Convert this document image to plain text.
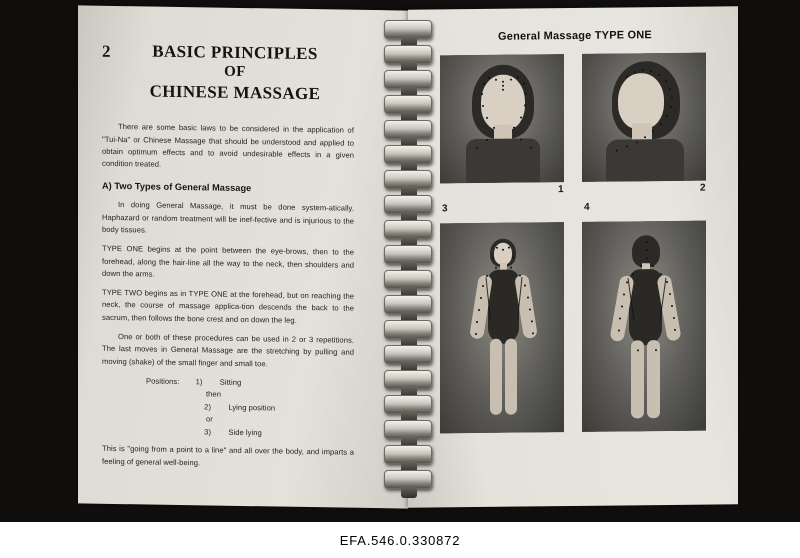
2	BASIC PRINCIPLES
OF
CHINESE MASSAGE

There are some basic laws to be considered in the application of "Tui-Na" or Chinese Massage that should be understood and applied to obtain optimum effects and to avoid undesirable effects in a given condition treated.

A) Two Types of General Massage

In doing General Massage, it must be done system-atically. Haphazard or random treatment will be inef-fective and is injurious to the body tissues.

TYPE ONE begins at the point between the eye-brows, then to the forehead, along the hair-line all the way to the neck, then shoulders and down the arms.

TYPE TWO begins as in TYPE ONE at the forehead, but on reaching the neck, the course of massage applica-tion descends the back to the sacrum, then follows the bone crest and on down the leg.

One or both of these procedures can be used in 2 or 3 repetitions. The last moves in General Massage are the stretching by pulling and moving (shake) of the small finger and small toe.

Positions: 1) Sitting
then
2) Lying position
or
3) Side lying

This is "going from a point to a line" and all over the body, and imparts a feeling of general well-being.

General Massage TYPE ONE
1	2
3	4
EFA.546.0.330872
